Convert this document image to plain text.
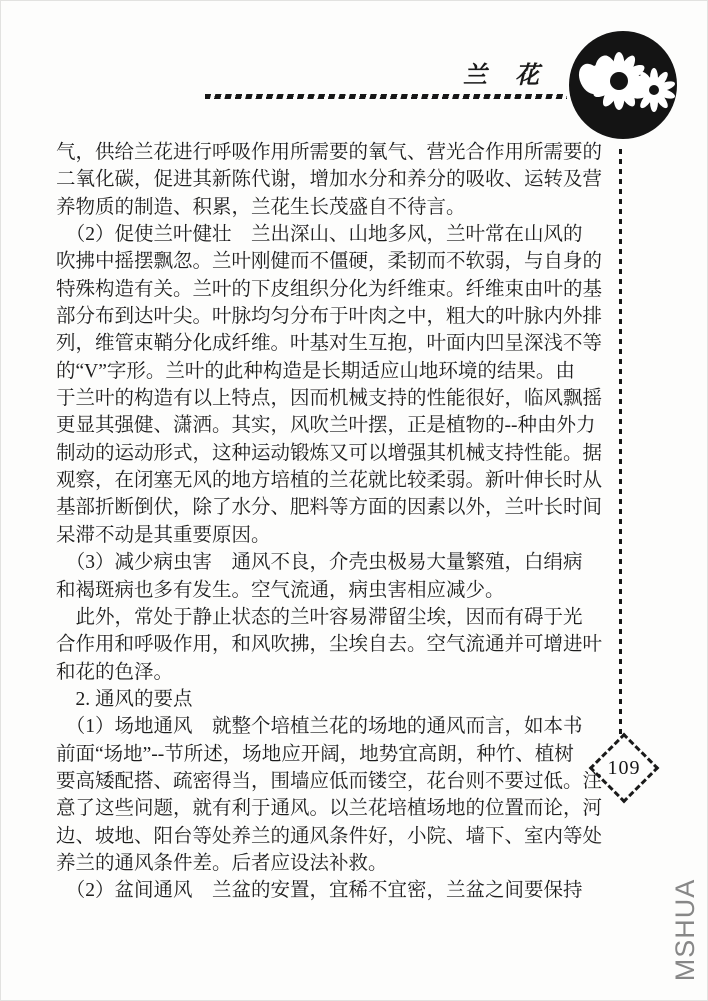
兰　花
109
气，供给兰花进行呼吸作用所需要的氧气、营光合作用所需要的
二氧化碳，促进其新陈代谢，增加水分和养分的吸收、运转及营
养物质的制造、积累，兰花生长茂盛自不待言。
　（2）促使兰叶健壮　兰出深山、山地多风，兰叶常在山风的
吹拂中摇摆飘忽。兰叶刚健而不僵硬，柔韧而不软弱，与自身的
特殊构造有关。兰叶的下皮组织分化为纤维束。纤维束由叶的基
部分布到达叶尖。叶脉均匀分布于叶肉之中，粗大的叶脉内外排
列，维管束鞘分化成纤维。叶基对生互抱，叶面内凹呈深浅不等
的“V”字形。兰叶的此种构造是长期适应山地环境的结果。由
于兰叶的构造有以上特点，因而机械支持的性能很好，临风飘摇
更显其强健、潇洒。其实，风吹兰叶摆，正是植物的--种由外力
制动的运动形式，这种运动锻炼又可以增强其机械支持性能。据
观察，在闭塞无风的地方培植的兰花就比较柔弱。新叶伸长时从
基部折断倒伏，除了水分、肥料等方面的因素以外，兰叶长时间
呆滞不动是其重要原因。
　（3）减少病虫害　通风不良，介壳虫极易大量繁殖，白绢病
和褐斑病也多有发生。空气流通，病虫害相应减少。
　此外，常处于静止状态的兰叶容易滞留尘埃，因而有碍于光
合作用和呼吸作用，和风吹拂，尘埃自去。空气流通并可增进叶
和花的色泽。
　2. 通风的要点
　（1）场地通风　就整个培植兰花的场地的通风而言，如本书
前面“场地”--节所述，场地应开阔，地势宜高朗，种竹、植树
要高矮配搭、疏密得当，围墙应低而镂空，花台则不要过低。注
意了这些问题，就有利于通风。以兰花培植场地的位置而论，河
边、坡地、阳台等处养兰的通风条件好，小院、墙下、室内等处
养兰的通风条件差。后者应设法补救。
　（2）盆间通风　兰盆的安置，宜稀不宜密，兰盆之间要保持	MSHUA
